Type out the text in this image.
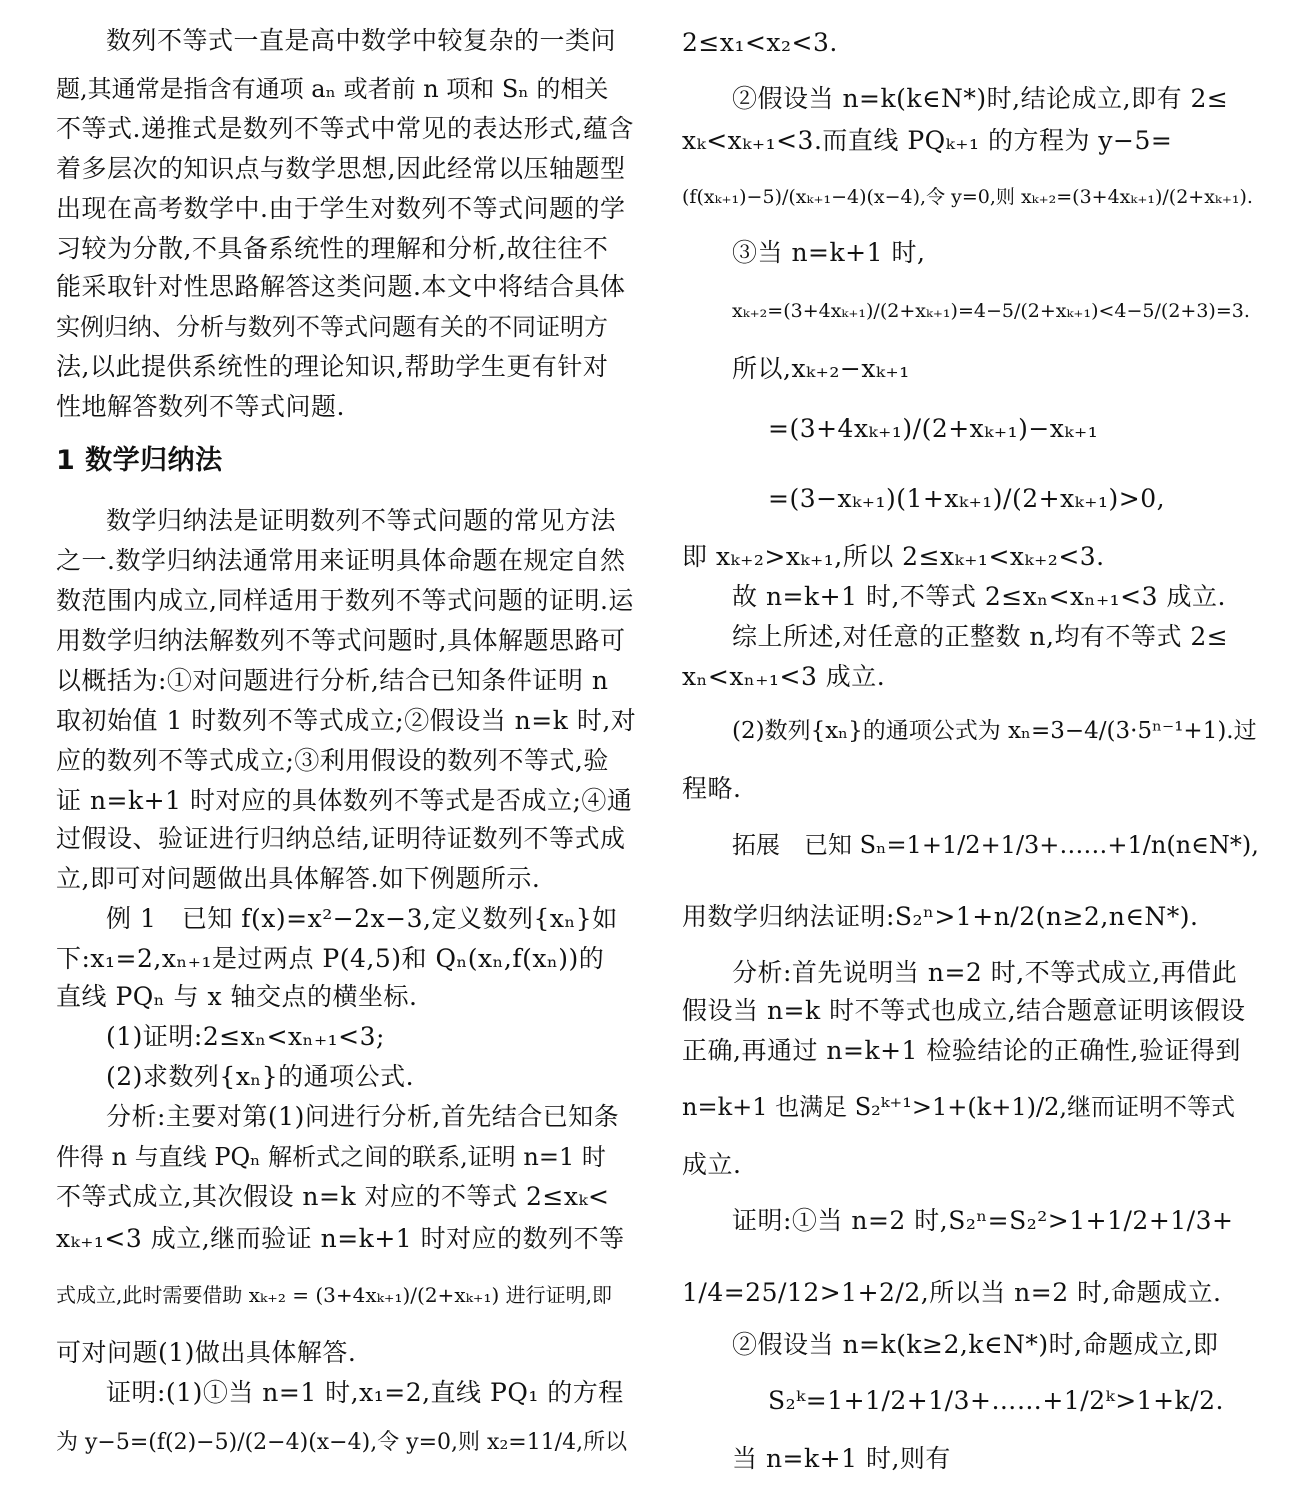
数列不等式一直是高中数学中较复杂的一类问
题,其通常是指含有通项 aₙ 或者前 n 项和 Sₙ 的相关
不等式.递推式是数列不等式中常见的表达形式,蕴含
着多层次的知识点与数学思想,因此经常以压轴题型
出现在高考数学中.由于学生对数列不等式问题的学
习较为分散,不具备系统性的理解和分析,故往往不
能采取针对性思路解答这类问题.本文中将结合具体
实例归纳、分析与数列不等式问题有关的不同证明方
法,以此提供系统性的理论知识,帮助学生更有针对
性地解答数列不等式问题.
1 数学归纳法
数学归纳法是证明数列不等式问题的常见方法
之一.数学归纳法通常用来证明具体命题在规定自然
数范围内成立,同样适用于数列不等式问题的证明.运
用数学归纳法解数列不等式问题时,具体解题思路可
以概括为:①对问题进行分析,结合已知条件证明 n
取初始值 1 时数列不等式成立;②假设当 n=k 时,对
应的数列不等式成立;③利用假设的数列不等式,验
证 n=k+1 时对应的具体数列不等式是否成立;④通
过假设、验证进行归纳总结,证明待证数列不等式成
立,即可对问题做出具体解答.如下例题所示.
例 1　已知 f(x)=x²−2x−3,定义数列{xₙ}如
下:x₁=2,xₙ₊₁是过两点 P(4,5)和 Qₙ(xₙ,f(xₙ))的
直线 PQₙ 与 x 轴交点的横坐标.
(1)证明:2≤xₙ<xₙ₊₁<3;
(2)求数列{xₙ}的通项公式.
分析:主要对第(1)问进行分析,首先结合已知条
件得 n 与直线 PQₙ 解析式之间的联系,证明 n=1 时
不等式成立,其次假设 n=k 对应的不等式 2≤xₖ<
xₖ₊₁<3 成立,继而验证 n=k+1 时对应的数列不等
式成立,此时需要借助 xₖ₊₂ = (3+4xₖ₊₁)/(2+xₖ₊₁) 进行证明,即
可对问题(1)做出具体解答.
证明:(1)①当 n=1 时,x₁=2,直线 PQ₁ 的方程
为 y−5=(f(2)−5)/(2−4)(x−4),令 y=0,则 x₂=11/4,所以
2≤x₁<x₂<3.
②假设当 n=k(k∈N*)时,结论成立,即有 2≤
xₖ<xₖ₊₁<3.而直线 PQₖ₊₁ 的方程为 y−5=
(f(xₖ₊₁)−5)/(xₖ₊₁−4)(x−4),令 y=0,则 xₖ₊₂=(3+4xₖ₊₁)/(2+xₖ₊₁).
③当 n=k+1 时,
xₖ₊₂=(3+4xₖ₊₁)/(2+xₖ₊₁)=4−5/(2+xₖ₊₁)<4−5/(2+3)=3.
所以,xₖ₊₂−xₖ₊₁
=(3+4xₖ₊₁)/(2+xₖ₊₁)−xₖ₊₁
=(3−xₖ₊₁)(1+xₖ₊₁)/(2+xₖ₊₁)>0,
即 xₖ₊₂>xₖ₊₁,所以 2≤xₖ₊₁<xₖ₊₂<3.
故 n=k+1 时,不等式 2≤xₙ<xₙ₊₁<3 成立.
综上所述,对任意的正整数 n,均有不等式 2≤
xₙ<xₙ₊₁<3 成立.
(2)数列{xₙ}的通项公式为 xₙ=3−4/(3·5ⁿ⁻¹+1).过
程略.
拓展　已知 Sₙ=1+1/2+1/3+……+1/n(n∈N*),
用数学归纳法证明:S₂ⁿ>1+n/2(n≥2,n∈N*).
分析:首先说明当 n=2 时,不等式成立,再借此
假设当 n=k 时不等式也成立,结合题意证明该假设
正确,再通过 n=k+1 检验结论的正确性,验证得到
n=k+1 也满足 S₂ᵏ⁺¹>1+(k+1)/2,继而证明不等式
成立.
证明:①当 n=2 时,S₂ⁿ=S₂²>1+1/2+1/3+
1/4=25/12>1+2/2,所以当 n=2 时,命题成立.
②假设当 n=k(k≥2,k∈N*)时,命题成立,即
S₂ᵏ=1+1/2+1/3+……+1/2ᵏ>1+k/2.
当 n=k+1 时,则有
